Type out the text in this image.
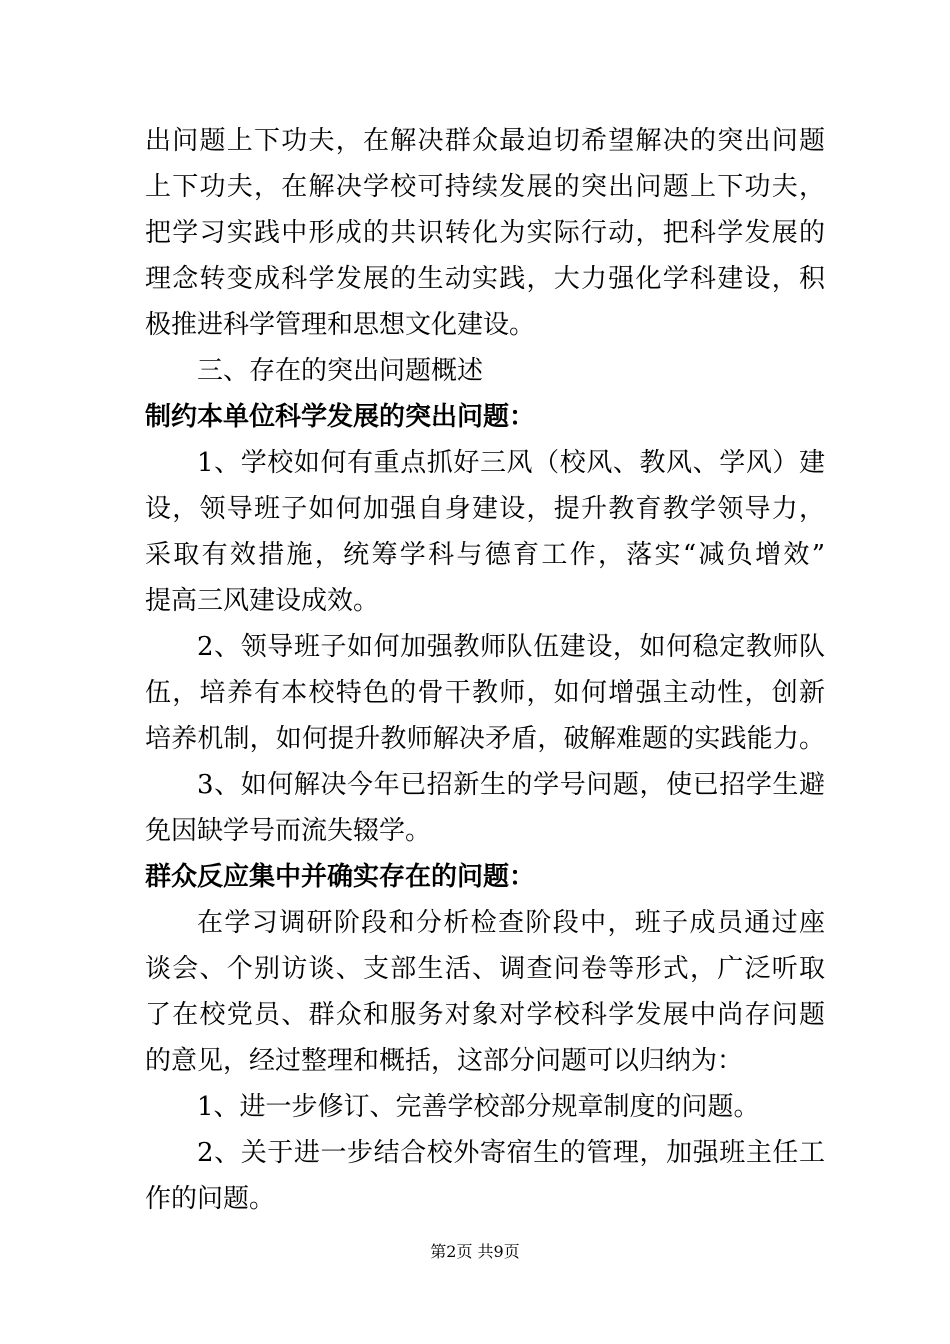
出问题上下功夫，在解决群众最迫切希望解决的突出问题
上下功夫，在解决学校可持续发展的突出问题上下功夫，
把学习实践中形成的共识转化为实际行动，把科学发展的
理念转变成科学发展的生动实践，大力强化学科建设，积
极推进科学管理和思想文化建设。
三、存在的突出问题概述
制约本单位科学发展的突出问题：
1、学校如何有重点抓好三风（校风、教风、学风）建
设，领导班子如何加强自身建设，提升教育教学领导力，
采取有效措施，统筹学科与德育工作，落实“减负增效”
提高三风建设成效。
2、领导班子如何加强教师队伍建设，如何稳定教师队
伍，培养有本校特色的骨干教师，如何增强主动性，创新
培养机制，如何提升教师解决矛盾，破解难题的实践能力。
3、如何解决今年已招新生的学号问题，使已招学生避
免因缺学号而流失辍学。
群众反应集中并确实存在的问题：
在学习调研阶段和分析检查阶段中，班子成员通过座
谈会、个别访谈、支部生活、调查问卷等形式，广泛听取
了在校党员、群众和服务对象对学校科学发展中尚存问题
的意见，经过整理和概括，这部分问题可以归纳为：
1、进一步修订、完善学校部分规章制度的问题。
2、关于进一步结合校外寄宿生的管理，加强班主任工
作的问题。
第2页 共9页
